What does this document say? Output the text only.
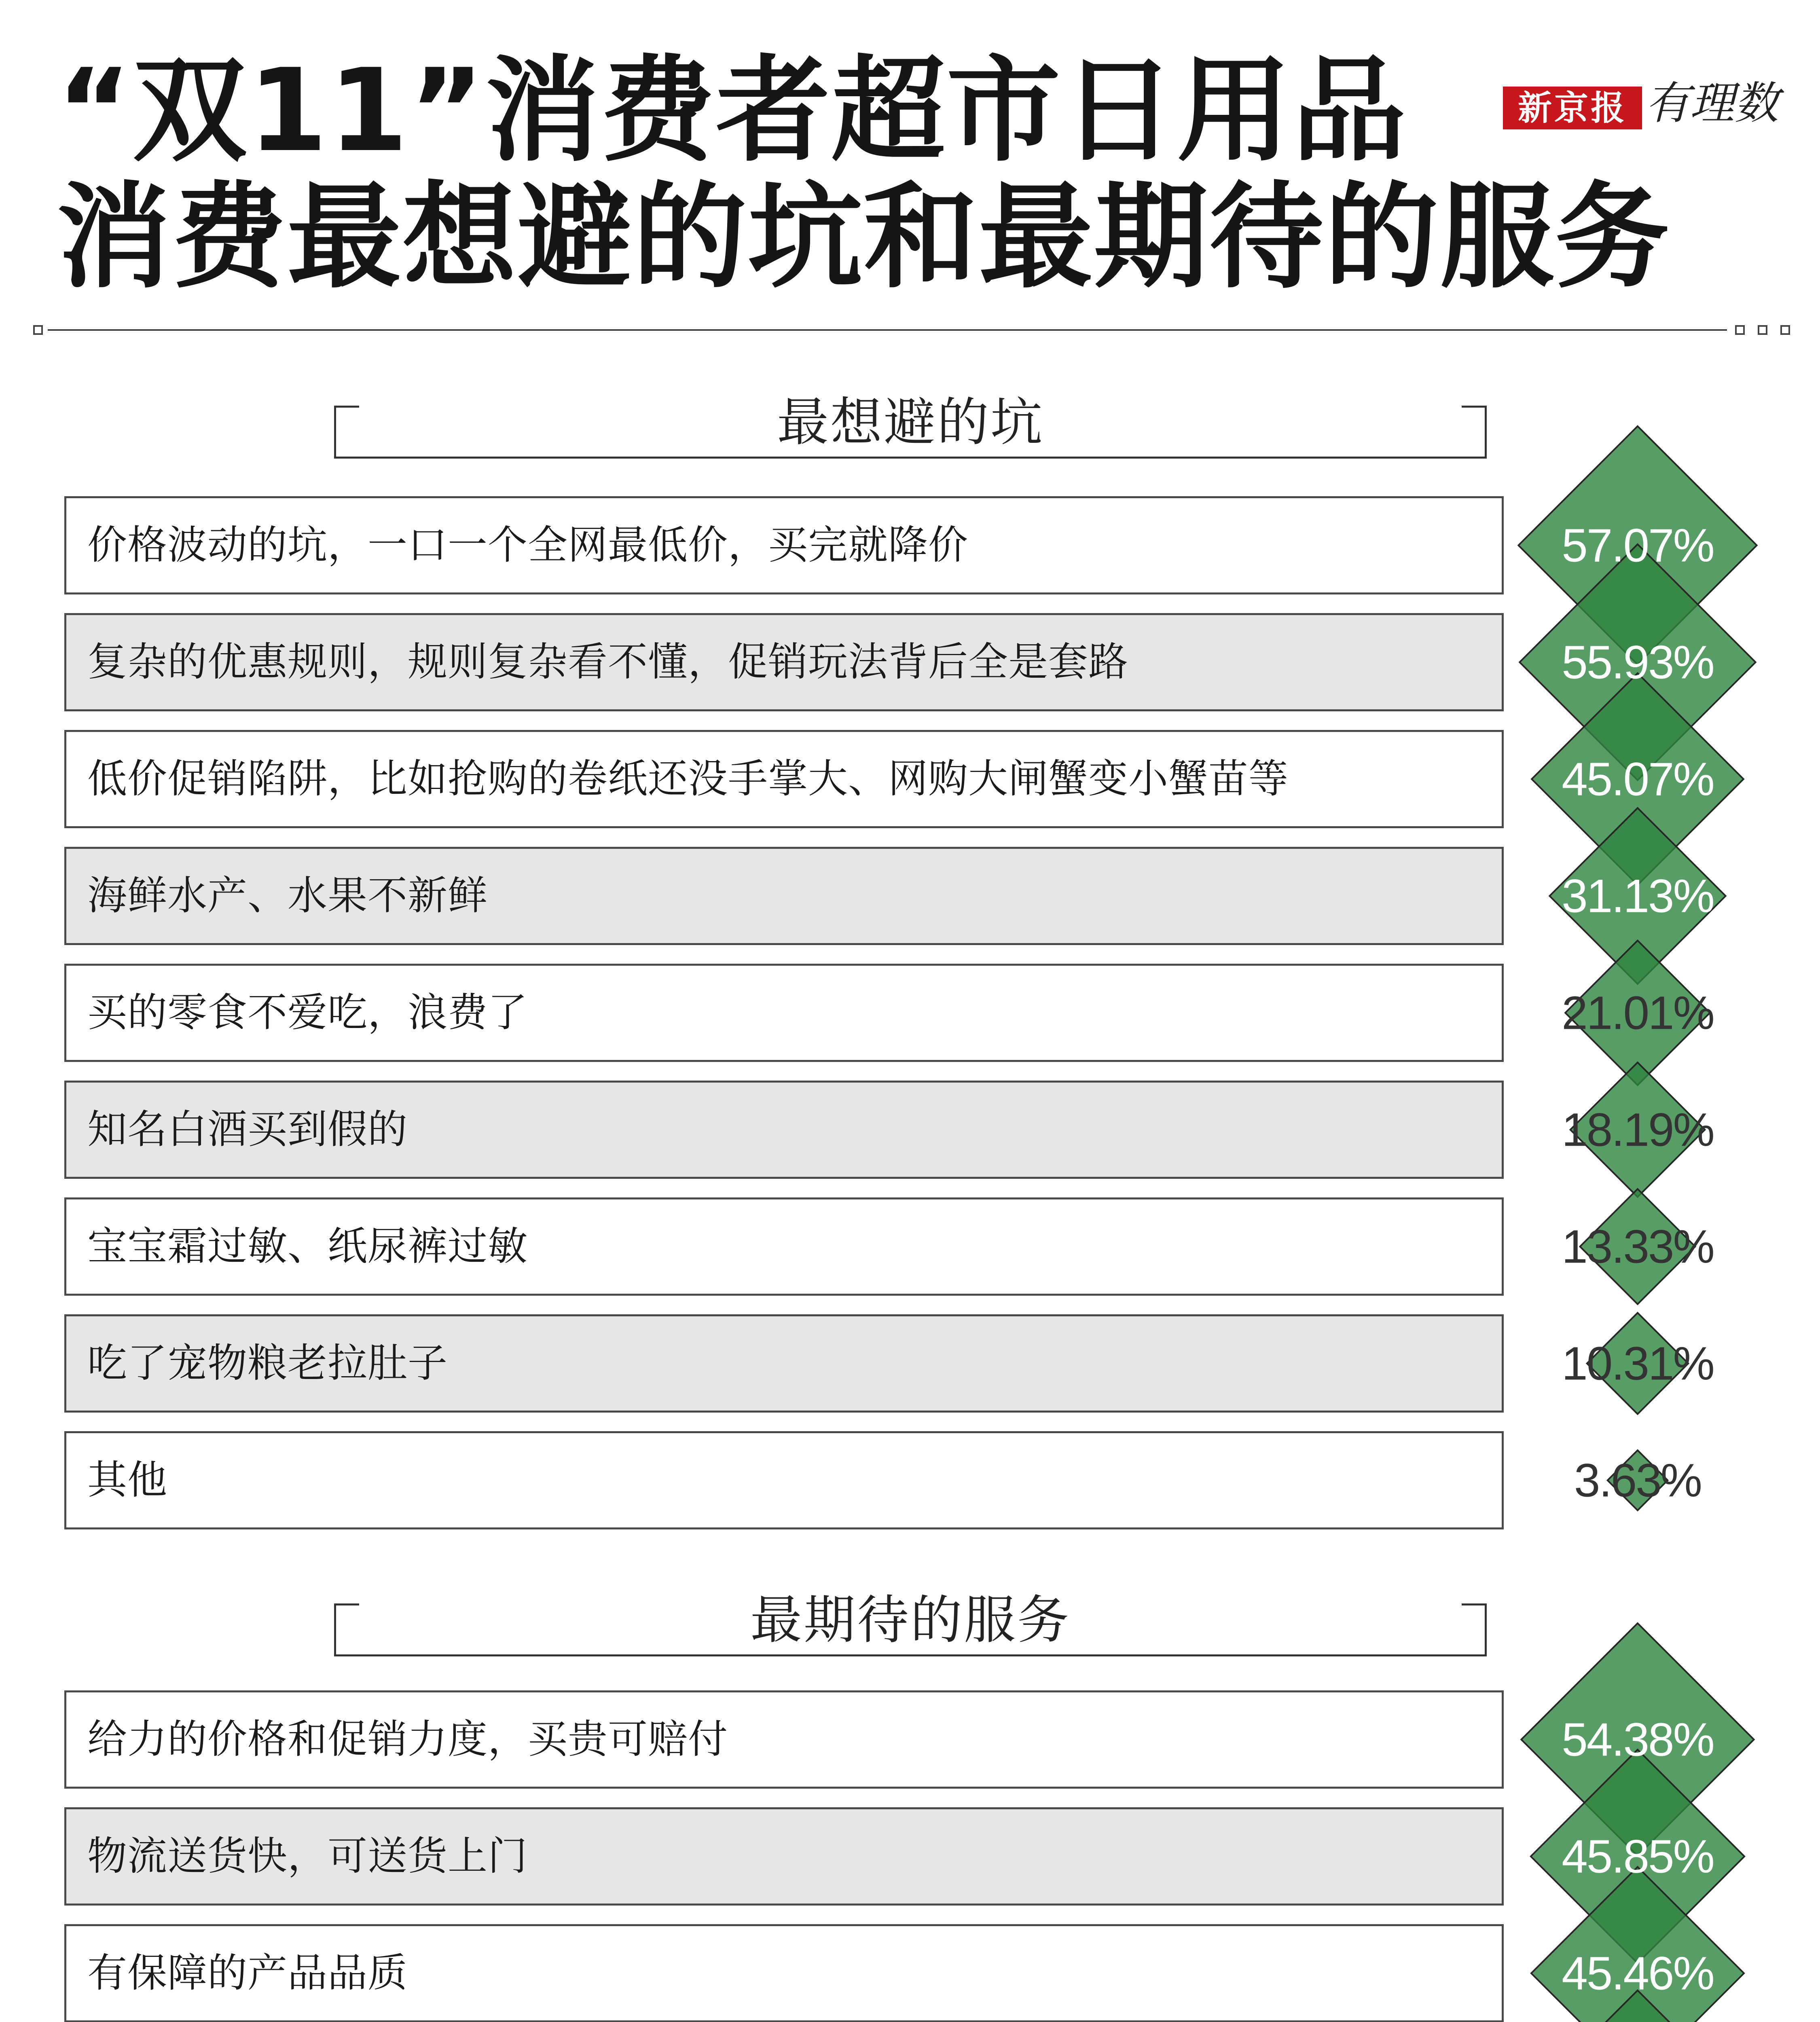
“双11”消费者超市日用品
消费最想避的坑和最期待的服务
新京报 有理数
最想避的坑
最期待的服务
价格波动的坑，一口一个全网最低价，买完就降价
复杂的优惠规则，规则复杂看不懂，促销玩法背后全是套路
低价促销陷阱，比如抢购的卷纸还没手掌大、网购大闸蟹变小蟹苗等
海鲜水产、水果不新鲜
买的零食不爱吃，浪费了
知名白酒买到假的
宝宝霜过敏、纸尿裤过敏
吃了宠物粮老拉肚子
其他
给力的价格和促销力度，买贵可赔付
物流送货快，可送货上门
有保障的产品品质
57.07%
55.93%
45.07%
31.13%
21.01%
18.19%
13.33%
10.31%
3.63%
54.38%
45.85%
45.46%
